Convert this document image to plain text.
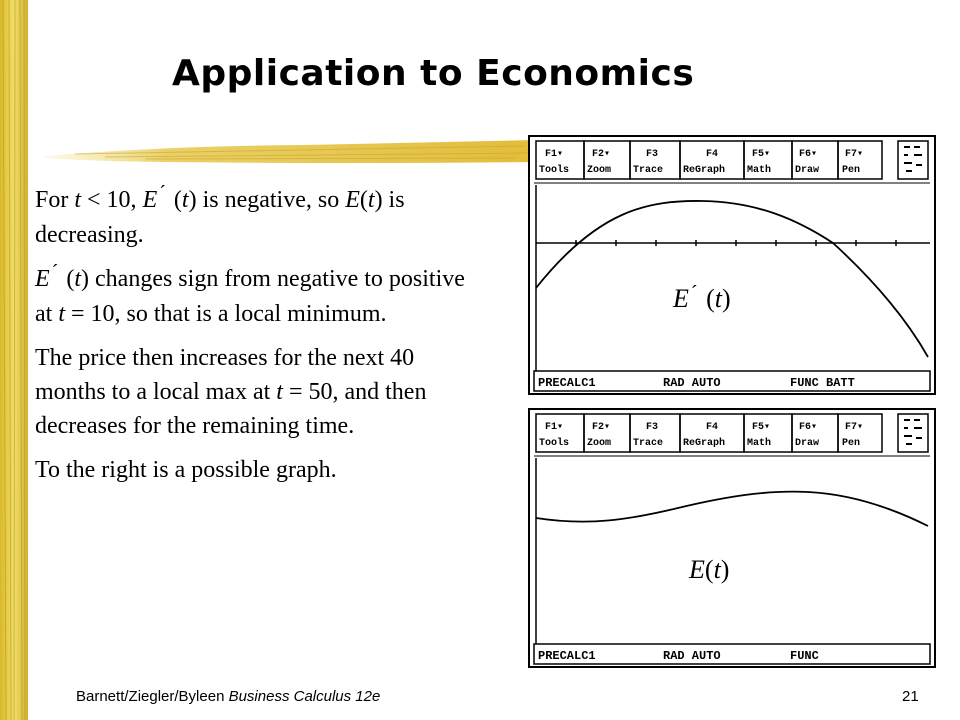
Application to Economics

For t < 10, E ´ (t) is negative, so E(t) is decreasing.

E ´ (t) changes sign from negative to positive at t = 10, so that is a local minimum.

The price then increases for the next 40 months to a local max at t = 50, and then decreases for the remaining time.

To the right is a possible graph.

F1▾
Tools
F2▾
Zoom
F3
Trace
F4
ReGraph
F5▾
Math
F6▾
Draw
F7▾
Pen
PRECALC1	RAD AUTO	FUNC BATT
F1▾
Tools
F2▾
Zoom
F3
Trace
F4
ReGraph
F5▾
Math
F6▾
Draw
F7▾
Pen
PRECALC1	RAD AUTO	FUNC
E ´ (t)
E(t)
Barnett/Ziegler/Byleen Business Calculus 12e	21
